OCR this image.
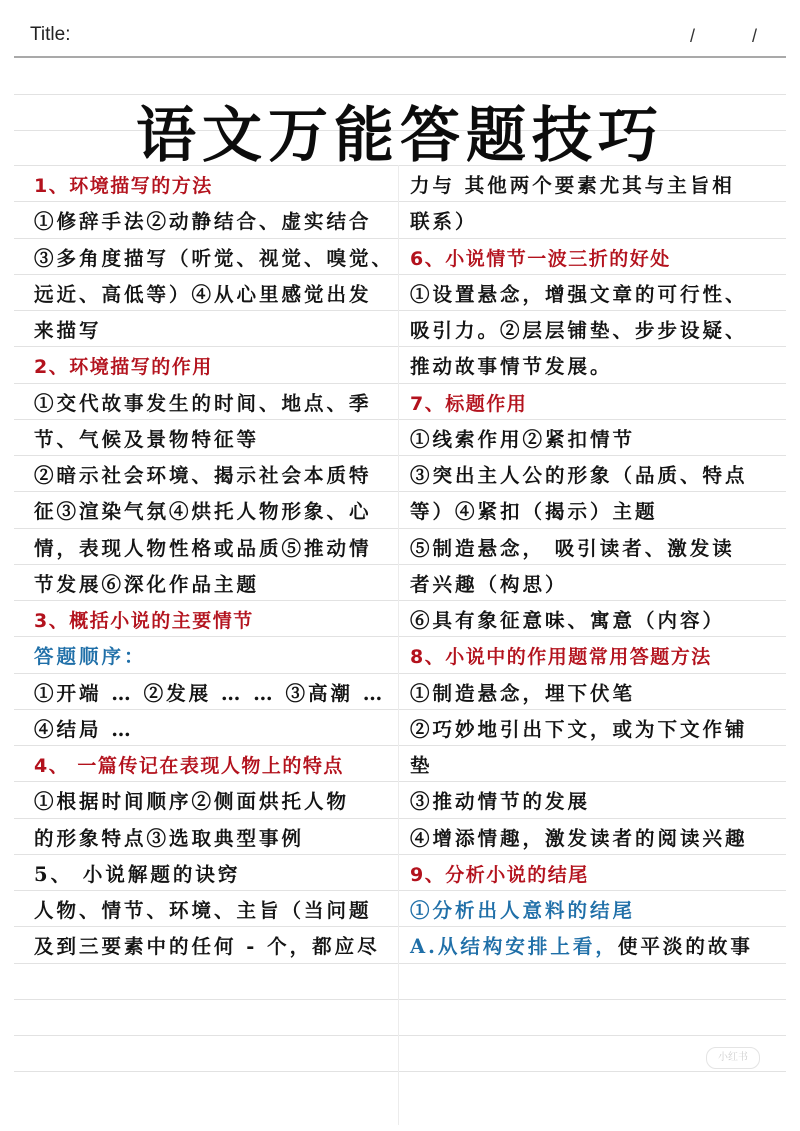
Title:	/	/
语文万能答题技巧
1、环境描写的方法
①修辞手法②动静结合、虚实结合
③多角度描写（听觉、视觉、嗅觉、
远近、高低等）④从心里感觉出发
来描写
2、环境描写的作用
①交代故事发生的时间、地点、季
节、气候及景物特征等
②暗示社会环境、揭示社会本质特
征③渲染气氛④烘托人物形象、心
情，表现人物性格或品质⑤推动情
节发展⑥深化作品主题
3、概括小说的主要情节
答题顺序：
①开端 … ②发展 … … ③高潮 …
④结局 …
4、 一篇传记在表现人物上的特点
①根据时间顺序②侧面烘托人物
的形象特点③选取典型事例
5、 小说解题的诀窍
人物、情节、环境、主旨（当问题
及到三要素中的任何 - 个，都应尽
力与 其他两个要素尤其与主旨相
联系）
6、小说情节一波三折的好处
①设置悬念，增强文章的可行性、
吸引力。②层层铺垫、步步设疑、
推动故事情节发展。
7、标题作用
①线索作用②紧扣情节
③突出主人公的形象（品质、特点
等）④紧扣（揭示）主题
⑤制造悬念， 吸引读者、激发读
者兴趣（构思）
⑥具有象征意味、寓意（内容）
8、小说中的作用题常用答题方法
①制造悬念，埋下伏笔
②巧妙地引出下文，或为下文作铺
垫
③推动情节的发展
④增添情趣，激发读者的阅读兴趣
9、分析小说的结尾
①分析出人意料的结尾
A.从结构安排上看，使平淡的故事
小红书
